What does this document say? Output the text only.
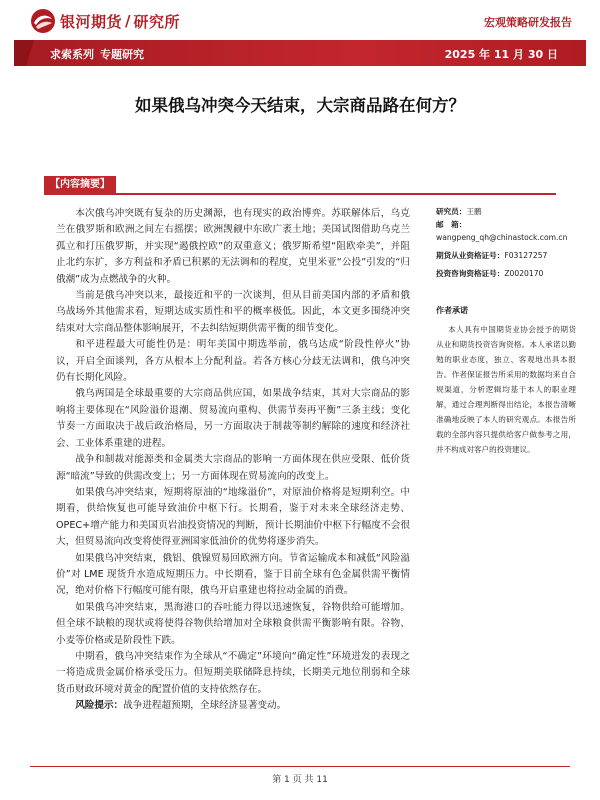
银河期货 / 研究所	宏观策略研发报告
求索系列 专题研究	2025 年 11 月 30 日
如果俄乌冲突今天结束，大宗商品路在何方？
【内容摘要】

本次俄乌冲突既有复杂的历史渊源，也有现实的政治博弈。苏联解体后，乌克兰在俄罗斯和欧洲之间左右摇摆；欧洲觊觎中东欧广袤土地；美国试图借助乌克兰孤立和打压俄罗斯，并实现“遏俄控欧”的双重意义；俄罗斯希望“阻欧牵美”，并阻止北约东扩，多方利益和矛盾已积累的无法调和的程度，克里米亚“公投”引发的“归俄潮”成为点燃战争的火种。

当前是俄乌冲突以来，最接近和平的一次谈判，但从目前美国内部的矛盾和俄乌战场外其他需求看，短期达成实质性和平的概率极低。因此，本文更多围绕冲突结束对大宗商品整体影响展开，不去纠结短期供需平衡的细节变化。

和平进程最大可能性仍是：明年美国中期选举前，俄乌达成“阶段性停火”协议，开启全面谈判，各方从根本上分配利益。若各方核心分歧无法调和，俄乌冲突仍有长期化风险。

俄乌两国是全球最重要的大宗商品供应国，如果战争结束，其对大宗商品的影响将主要体现在“风险溢价退潮、贸易流向重构、供需节奏再平衡”三条主线；变化节奏一方面取决于战后政治格局，另一方面取决于制裁等制约解除的速度和经济社会、工业体系重建的进程。

战争和制裁对能源类和金属类大宗商品的影响一方面体现在供应受限、低价货源“暗流”导致的供需改变上；另一方面体现在贸易流向的改变上。

如果俄乌冲突结束，短期将原油的“地缘溢价”，对原油价格将是短期利空。中期看，供给恢复也可能导致油价中枢下行。长期看，鉴于对未来全球经济走势、OPEC+增产能力和美国页岩油投资情况的判断，预计长期油价中枢下行幅度不会很大，但贸易流向改变将使得亚洲国家低油价的优势将逐步消失。

如果俄乌冲突结束，俄铝、俄镍贸易回欧洲方向。节省运输成本和减低“风险溢价”对 LME 现货升水造成短期压力。中长期看，鉴于目前全球有色金属供需平衡情况，绝对价格下行幅度可能有限，俄乌开启重建也将拉动金属的消费。

如果俄乌冲突结束，黑海港口的吞吐能力得以迅速恢复，谷物供给可能增加。但全球不缺粮的现状或将使得谷物供给增加对全球粮食供需平衡影响有限。谷物、小麦等价格或是阶段性下跌。

中期看，俄乌冲突结束作为全球从“不确定”环境向“确定性”环境进发的表现之一将造成贵金属价格承受压力。但短期美联储降息持续，长期美元地位削弱和全球货币财政环境对黄金的配置价值的支持依然存在。

风险提示：战争进程超预期，全球经济显著变动。

研究员：王鹏
邮　箱：
wangpeng_qh@chinastock.com.cn
期货从业资格证号：F03127257
投资咨询资格证号：Z0020170
作者承诺
本人具有中国期货业协会授予的期货从业和期货投资咨询资格。本人承诺以勤勉的职业态度，独立、客观地出具本报告。作者保证报告所采用的数据均来自合规渠道，分析逻辑均基于本人的职业理解，通过合理判断得出结论，本报告清晰准确地反映了本人的研究观点。本报告所载的全部内容只提供给客户做参考之用，并不构成对客户的投资建议。
第 1 页 共 11
